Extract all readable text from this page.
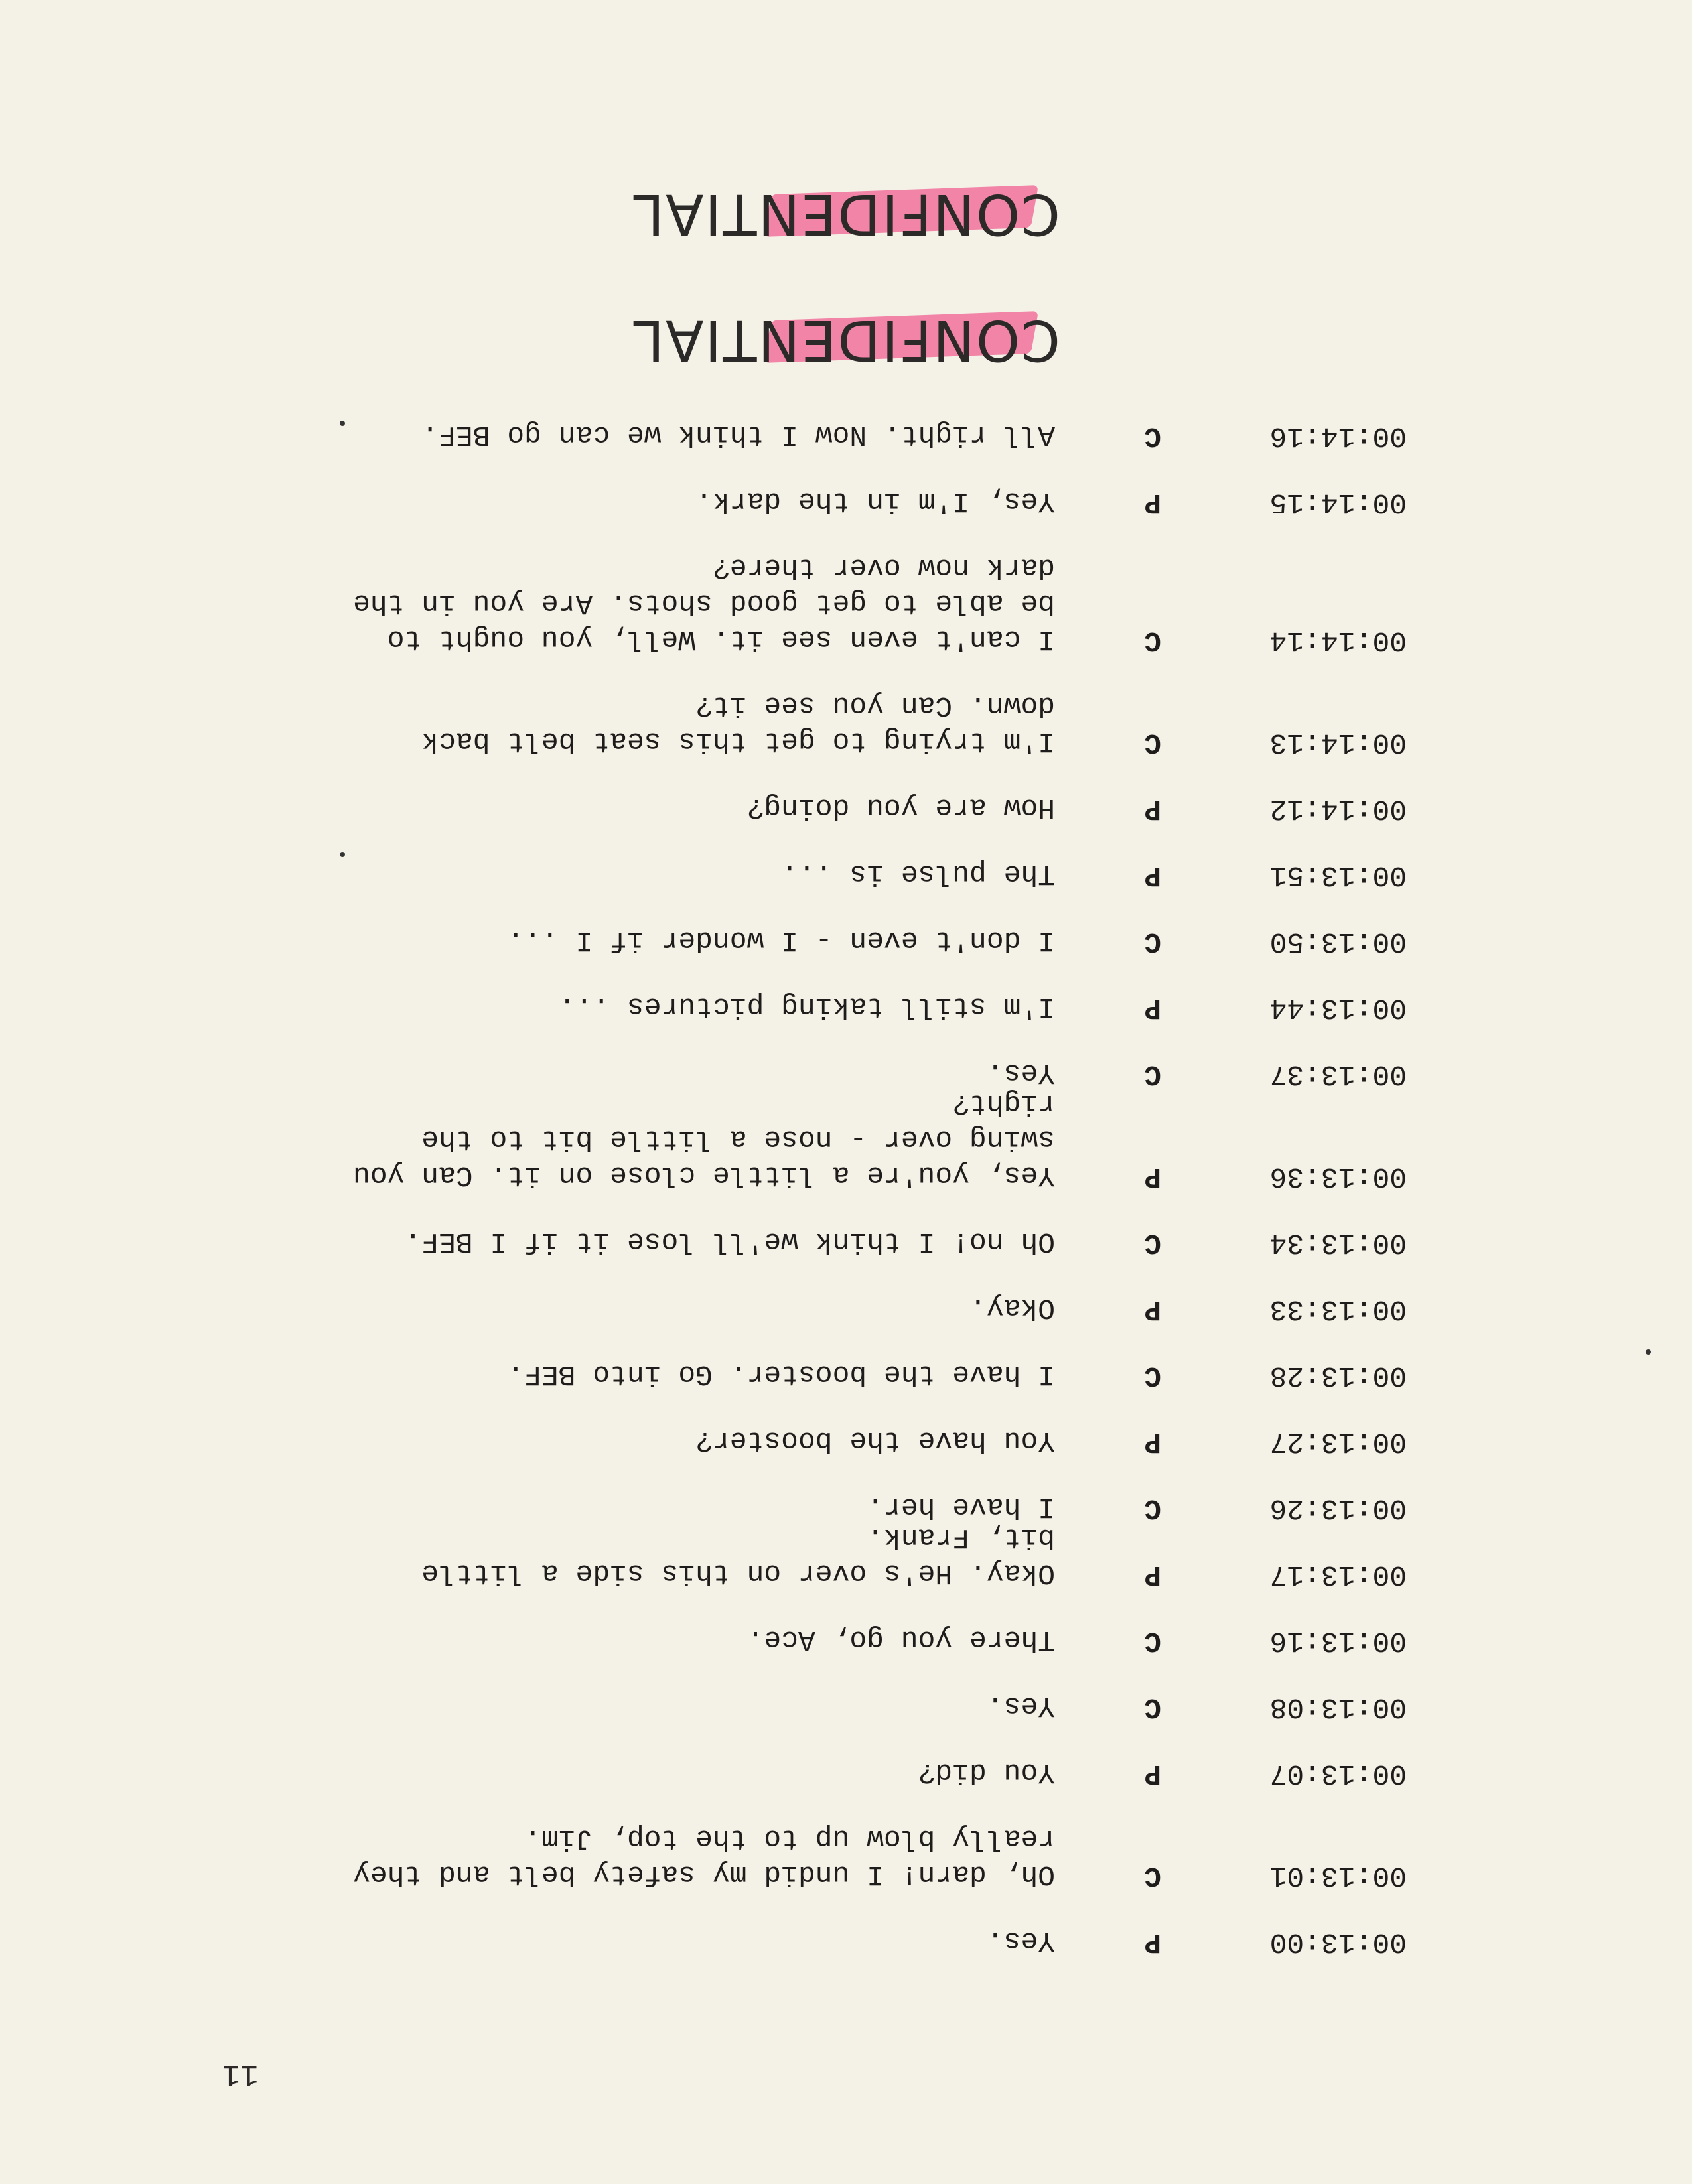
CONFIDENTIAL
11
00:13:00
P
Yes.
00:13:01
C
Oh, darn! I undid my safety belt and they really blow up to the top, Jim.
00:13:07
P
You did?
00:13:08
C
Yes.
00:13:16
C
There you go, Ace.
00:13:17
P
Okay. He's over on this side a little bit, Frank.
00:13:26
C
I have her.
00:13:27
P
You have the booster?
00:13:28
C
I have the booster. Go into BEF.
00:13:33
P
Okay.
00:13:34
C
Oh no! I think we'll lose it if I BEF.
00:13:36
P
Yes, you're a little close on it. Can you swing over - nose a little bit to the right?
00:13:37
C
Yes.
00:13:44
P
I'm still taking pictures ...
00:13:50
C
I don't even - I wonder if I ...
00:13:51
P
The pulse is ...
00:14:12
P
How are you doing?
00:14:13
C
I'm trying to get this seat belt back down. Can you see it?
00:14:14
C
I can't even see it. Well, you ought to be able to get good shots. Are you in the dark now over there?
00:14:15
P
Yes, I'm in the dark.
00:14:16
C
All right. Now I think we can go BEF.
CONFIDENTIAL
